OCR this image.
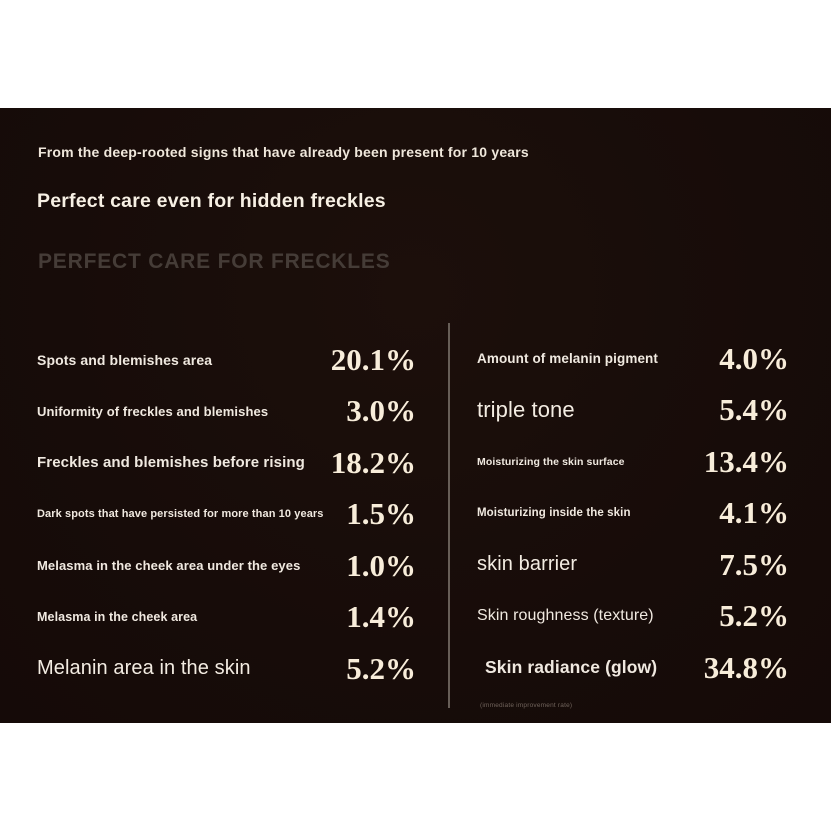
From the deep-rooted signs that have already been present for 10 years
Perfect care even for hidden freckles
PERFECT CARE FOR FRECKLES
Spots and blemishes area	20.1%
Uniformity of freckles and blemishes	3.0%
Freckles and blemishes before rising 18.2%
Dark spots that have persisted for more than 10 years 1.5%
Melasma in the cheek area under the eyes 1.0%
Melasma in the cheek area	1.4%
Melanin area in the skin	5.2%
Amount of melanin pigment 4.0%
triple tone	5.4%
Moisturizing the skin surface	13.4%
Moisturizing inside the skin	4.1%
skin barrier	7.5%
Skin roughness (texture) 5.2%
Skin radiance (glow) 34.8%
(immediate improvement rate)
